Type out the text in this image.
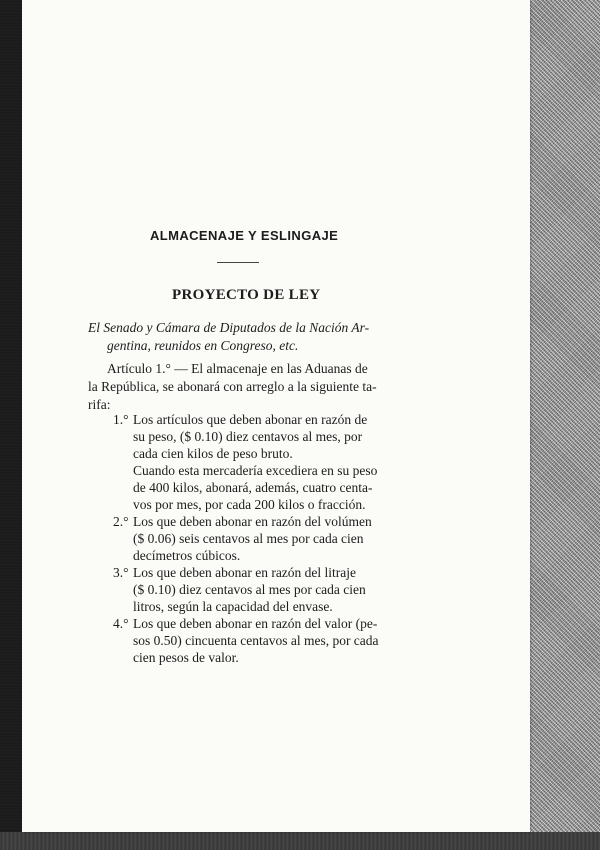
ALMACENAJE Y ESLINGAJE
PROYECTO DE LEY

El Senado y Cámara de Diputados de la Nación Ar-

gentina, reunidos en Congreso, etc.

Artículo 1.° — El almacenaje en las Aduanas de

la República, se abonará con arreglo a la siguiente ta-

rifa:

1.° Los artículos que deben abonar en razón de

su peso, ($ 0.10) diez centavos al mes, por

cada cien kilos de peso bruto.

Cuando esta mercadería excediera en su peso

de 400 kilos, abonará, además, cuatro centa-

vos por mes, por cada 200 kilos o fracción.

2.° Los que deben abonar en razón del volúmen

($ 0.06) seis centavos al mes por cada cien

decímetros cúbicos.

3.° Los que deben abonar en razón del litraje

($ 0.10) diez centavos al mes por cada cien

litros, según la capacidad del envase.

4.° Los que deben abonar en razón del valor (pe-

sos 0.50) cincuenta centavos al mes, por cada

cien pesos de valor.
